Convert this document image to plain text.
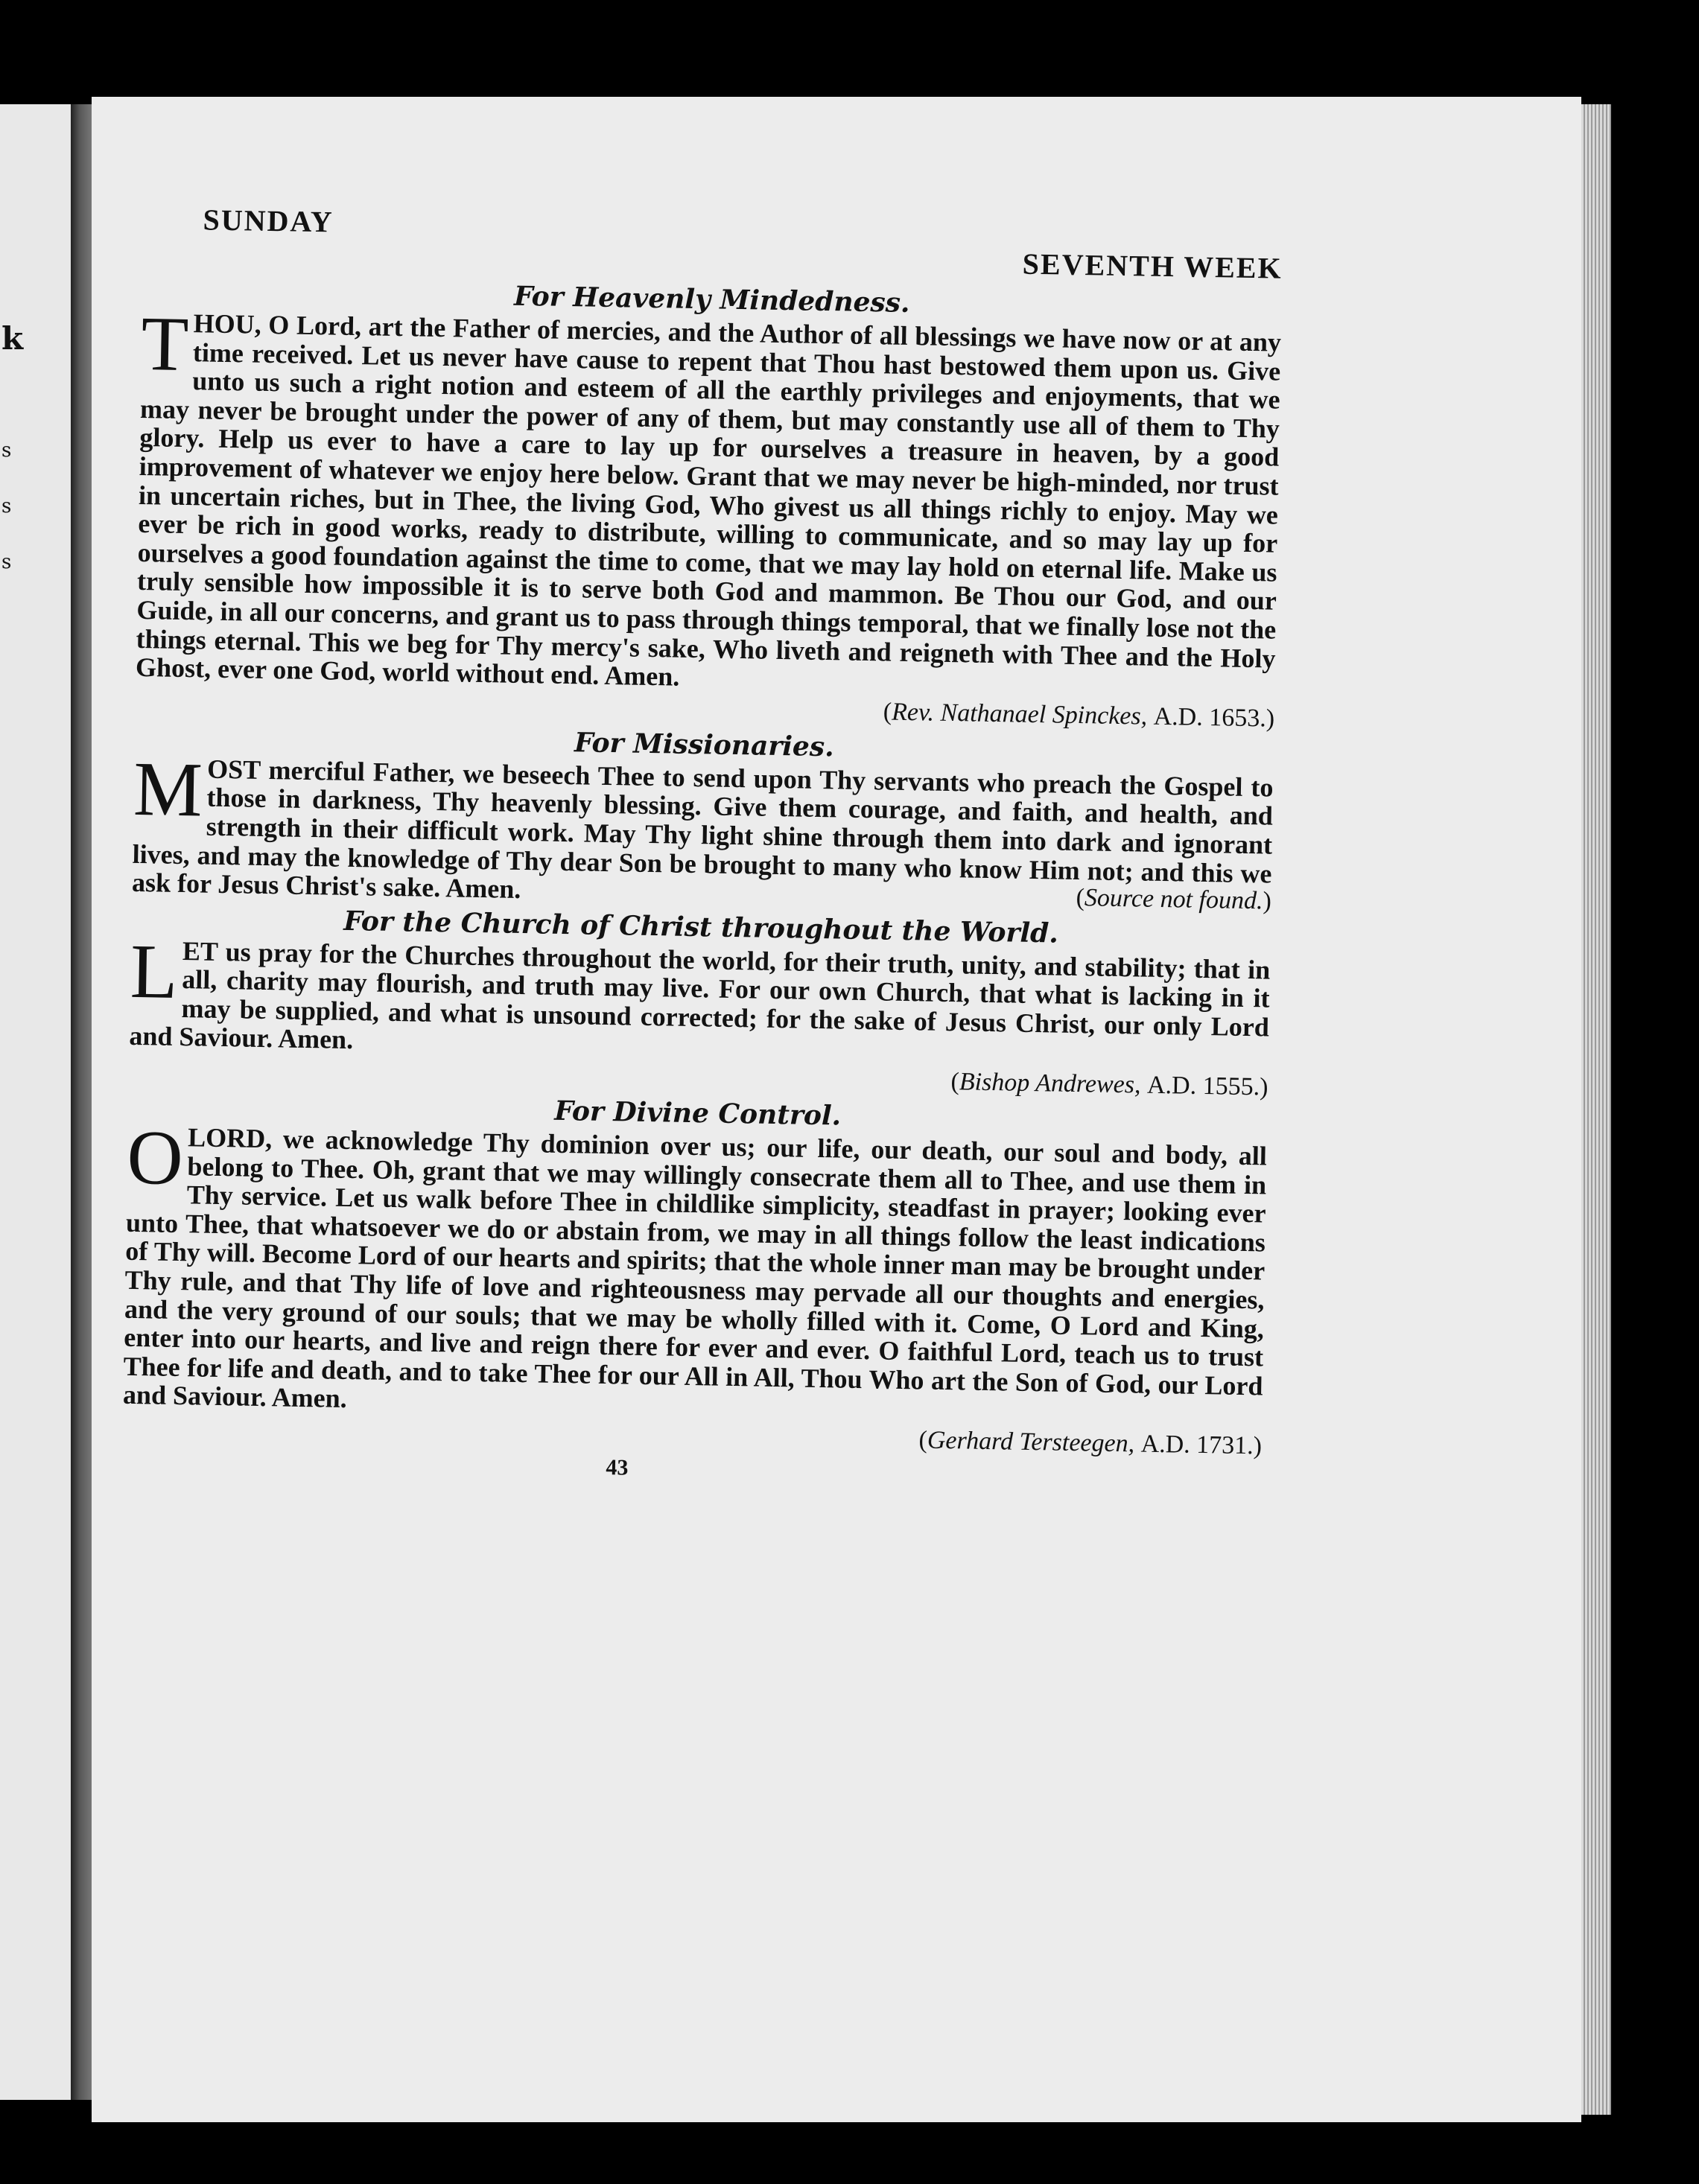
k
s
s
s
SUNDAY
SEVENTH WEEK
For Heavenly Mindedness.

THOU, O Lord, art the Father of mercies, and the Author of all blessings we have now or at any time received. Let us never have cause to repent that Thou hast bestowed them upon us. Give unto us such a right notion and esteem of all the earthly privileges and enjoyments, that we may never be brought under the power of any of them, but may constantly use all of them to Thy glory. Help us ever to have a care to lay up for ourselves a treasure in heaven, by a good improvement of whatever we enjoy here below. Grant that we may never be high-minded, nor trust in uncertain riches, but in Thee, the living God, Who givest us all things richly to enjoy. May we ever be rich in good works, ready to distribute, willing to communicate, and so may lay up for ourselves a good foundation against the time to come, that we may lay hold on eternal life. Make us truly sensible how impossible it is to serve both God and mammon. Be Thou our God, and our Guide, in all our concerns, and grant us to pass through things temporal, that we finally lose not the things eternal. This we beg for Thy mercy's sake, Who liveth and reigneth with Thee and the Holy Ghost, ever one God, world without end. Amen.

(Rev. Nathanael Spinckes, A.D. 1653.)
For Missionaries.

MOST merciful Father, we beseech Thee to send upon Thy servants who preach the Gospel to those in darkness, Thy heavenly blessing. Give them courage, and faith, and health, and strength in their difficult work. May Thy light shine through them into dark and ignorant lives, and may the knowledge of Thy dear Son be brought to many who know Him not; and this we ask for Jesus Christ's sake. Amen.	(Source not found.)
For the Church of Christ throughout the World.

LET us pray for the Churches throughout the world, for their truth, unity, and stability; that in all, charity may flourish, and truth may live. For our own Church, that what is lacking in it may be supplied, and what is unsound corrected; for the sake of Jesus Christ, our only Lord and Saviour. Amen.

(Bishop Andrewes, A.D. 1555.)
For Divine Control.

OLORD, we acknowledge Thy dominion over us; our life, our death, our soul and body, all belong to Thee. Oh, grant that we may willingly consecrate them all to Thee, and use them in Thy service. Let us walk before Thee in childlike simplicity, steadfast in prayer; looking ever unto Thee, that whatsoever we do or abstain from, we may in all things follow the least indications of Thy will. Become Lord of our hearts and spirits; that the whole inner man may be brought under Thy rule, and that Thy life of love and righteousness may pervade all our thoughts and energies, and the very ground of our souls; that we may be wholly filled with it. Come, O Lord and King, enter into our hearts, and live and reign there for ever and ever. O faithful Lord, teach us to trust Thee for life and death, and to take Thee for our All in All, Thou Who art the Son of God, our Lord and Saviour. Amen.

(Gerhard Tersteegen, A.D. 1731.)
43
